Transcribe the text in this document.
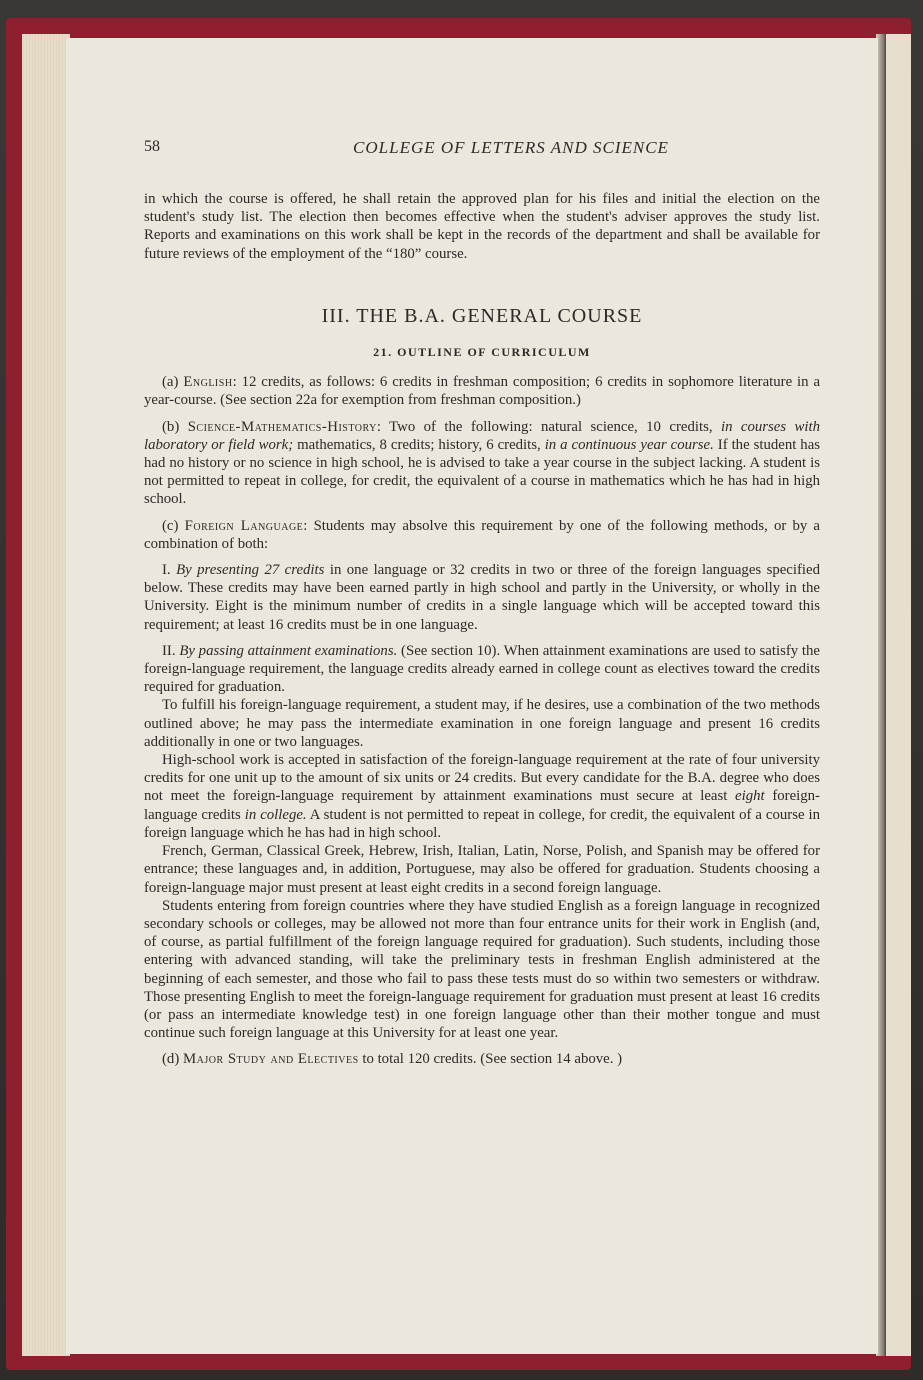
58	COLLEGE OF LETTERS AND SCIENCE

in which the course is offered, he shall retain the approved plan for his files and initial the election on the student's study list. The election then becomes effective when the student's adviser approves the study list. Reports and examinations on this work shall be kept in the records of the department and shall be available for future reviews of the employment of the “180” course.

III. THE B.A. GENERAL COURSE
21. OUTLINE OF CURRICULUM

(a) English: 12 credits, as follows: 6 credits in freshman composition; 6 credits in sophomore literature in a year-course. (See section 22a for exemption from freshman composition.)

(b) Science-Mathematics-History: Two of the following: natural science, 10 credits, in courses with laboratory or field work; mathematics, 8 credits; history, 6 credits, in a continuous year course. If the student has had no history or no science in high school, he is advised to take a year course in the subject lacking. A student is not permitted to repeat in college, for credit, the equivalent of a course in mathematics which he has had in high school.

(c) Foreign Language: Students may absolve this requirement by one of the following methods, or by a combination of both:

I. By presenting 27 credits in one language or 32 credits in two or three of the foreign languages specified below. These credits may have been earned partly in high school and partly in the University, or wholly in the University. Eight is the minimum number of credits in a single language which will be accepted toward this requirement; at least 16 credits must be in one language.

II. By passing attainment examinations. (See section 10). When attainment examinations are used to satisfy the foreign-language requirement, the language credits already earned in college count as electives toward the credits required for graduation.

To fulfill his foreign-language requirement, a student may, if he desires, use a combination of the two methods outlined above; he may pass the intermediate examination in one foreign language and present 16 credits additionally in one or two languages.

High-school work is accepted in satisfaction of the foreign-language requirement at the rate of four university credits for one unit up to the amount of six units or 24 credits. But every candidate for the B.A. degree who does not meet the foreign-language requirement by attainment examinations must secure at least eight foreign-language credits in college. A student is not permitted to repeat in college, for credit, the equivalent of a course in foreign language which he has had in high school.

French, German, Classical Greek, Hebrew, Irish, Italian, Latin, Norse, Polish, and Spanish may be offered for entrance; these languages and, in addition, Portuguese, may also be offered for graduation. Students choosing a foreign-language major must present at least eight credits in a second foreign language.

Students entering from foreign countries where they have studied English as a foreign language in recognized secondary schools or colleges, may be allowed not more than four entrance units for their work in English (and, of course, as partial fulfillment of the foreign language required for graduation). Such students, including those entering with advanced standing, will take the preliminary tests in freshman English administered at the beginning of each semester, and those who fail to pass these tests must do so within two semesters or withdraw. Those presenting English to meet the foreign-language requirement for graduation must present at least 16 credits (or pass an intermediate knowledge test) in one foreign language other than their mother tongue and must continue such foreign language at this University for at least one year.

(d) Major Study and Electives to total 120 credits. (See section 14 above. )
